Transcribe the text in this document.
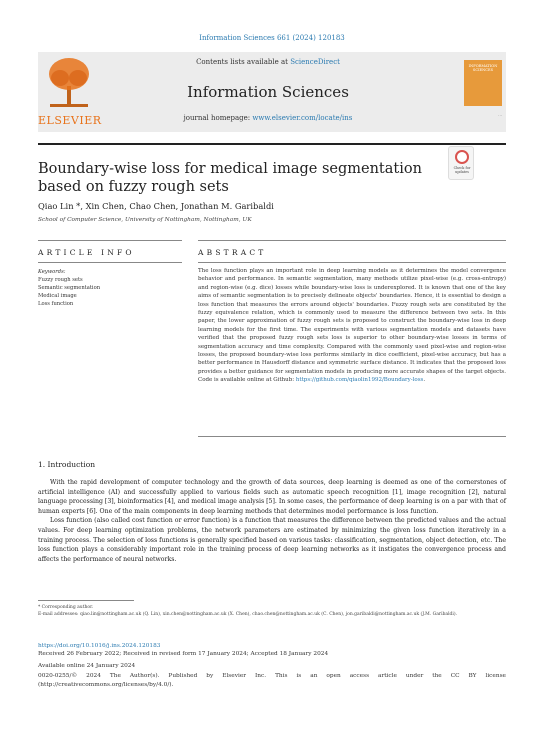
Information Sciences 661 (2024) 120183
ELSEVIER
Contents lists available at ScienceDirect
Information Sciences
journal homepage: www.elsevier.com/locate/ins
INFORMATION SCIENCES
...
Boundary-wise loss for medical image segmentation based on fuzzy rough sets
Check for updates
Qiao Lin *, Xin Chen, Chao Chen, Jonathan M. Garibaldi
School of Computer Science, University of Nottingham, Nottingham, UK
ARTICLE INFO	ABSTRACT
Keywords:
Fuzzy rough sets
Semantic segmentation
Medical image
Loss function
The loss function plays an important role in deep learning models as it determines the model convergence behavior and performance. In semantic segmentation, many methods utilize pixel-wise (e.g. cross-entropy) and region-wise (e.g. dice) losses while boundary-wise loss is underexplored. It is known that one of the key aims of semantic segmentation is to precisely delineate objects' boundaries. Hence, it is essential to design a loss function that measures the errors around objects' boundaries. Fuzzy rough sets are constituted by the fuzzy equivalence relation, which is commonly used to measure the difference between two sets. In this paper, the lower approximation of fuzzy rough sets is proposed to construct the boundary-wise loss in deep learning models for the first time. The experiments with various segmentation models and datasets have verified that the proposed fuzzy rough sets loss is superior to other boundary-wise losses in terms of segmentation accuracy and time complexity. Compared with the commonly used pixel-wise and region-wise losses, the proposed boundary-wise loss performs similarly in dice coefficient, pixel-wise accuracy, but has a better performance in Hausdorff distance and symmetric surface distance. It indicates that the proposed loss provides a better guidance for segmentation models in producing more accurate shapes of the target objects. Code is available online at Github: https://github.com/qiaolin1992/Boundary-loss.
1. Introduction

With the rapid development of computer technology and the growth of data sources, deep learning is deemed as one of the cornerstones of artificial intelligence (AI) and successfully applied to various fields such as automatic speech recognition [1], image recognition [2], natural language processing [3], bioinformatics [4], and medical image analysis [5]. In some cases, the performance of deep learning is on a par with that of human experts [6]. One of the main components in deep learning methods that determines model performance is loss function.

Loss function (also called cost function or error function) is a function that measures the difference between the predicted values and the actual values. For deep learning optimization problems, the network parameters are estimated by minimizing the given loss function iteratively in a training process. The selection of loss functions is generally specified based on various tasks: classification, segmentation, object detection, etc. The loss function plays a considerably important role in the training process of deep learning networks as it instigates the convergence process and affects the performance of neural networks.

* Corresponding author.
E-mail addresses: qiao.lin@nottingham.ac.uk (Q. Lin), xin.chen@nottingham.ac.uk (X. Chen), chao.chen@nottingham.ac.uk (C. Chen), jon.garibaldi@nottingham.ac.uk (J.M. Garibaldi).
https://doi.org/10.1016/j.ins.2024.120183
Received 26 February 2022; Received in revised form 17 January 2024; Accepted 18 January 2024
Available online 24 January 2024
0020-0255/© 2024 The Author(s). Published by Elsevier Inc. This is an open access article under the CC BY license (http://creativecommons.org/licenses/by/4.0/).
